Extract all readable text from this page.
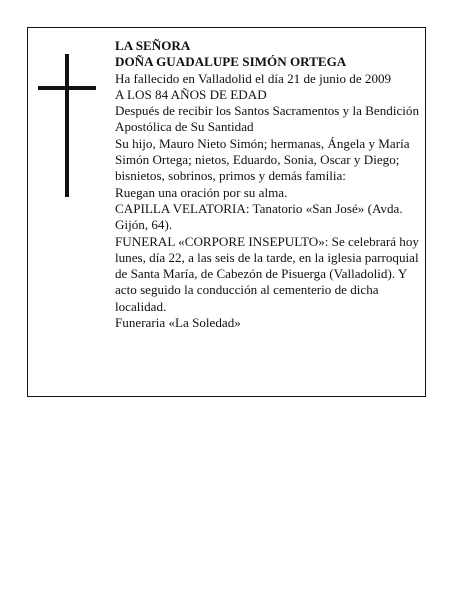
LA SEÑORA
DOÑA GUADALUPE SIMÓN ORTEGA
Ha fallecido en Valladolid el día 21 de junio de 2009
A LOS 84 AÑOS DE EDAD
Después de recibir los Santos Sacramentos y la Bendición Apostólica de Su Santidad
Su hijo, Mauro Nieto Simón; hermanas, Ángela y María Simón Ortega; nietos, Eduardo, Sonia, Oscar y Diego; bisnietos, sobrinos, primos y demás familia:
Ruegan una oración por su alma.
CAPILLA VELATORIA: Tanatorio «San José» (Avda. Gijón, 64).
FUNERAL «CORPORE INSEPULTO»: Se celebrará hoy lunes, día 22, a las seis de la tarde, en la iglesia parroquial de Santa María, de Cabezón de Pisuerga (Valladolid). Y acto seguido la conducción al cementerio de dicha localidad.
Funeraria «La Soledad»
